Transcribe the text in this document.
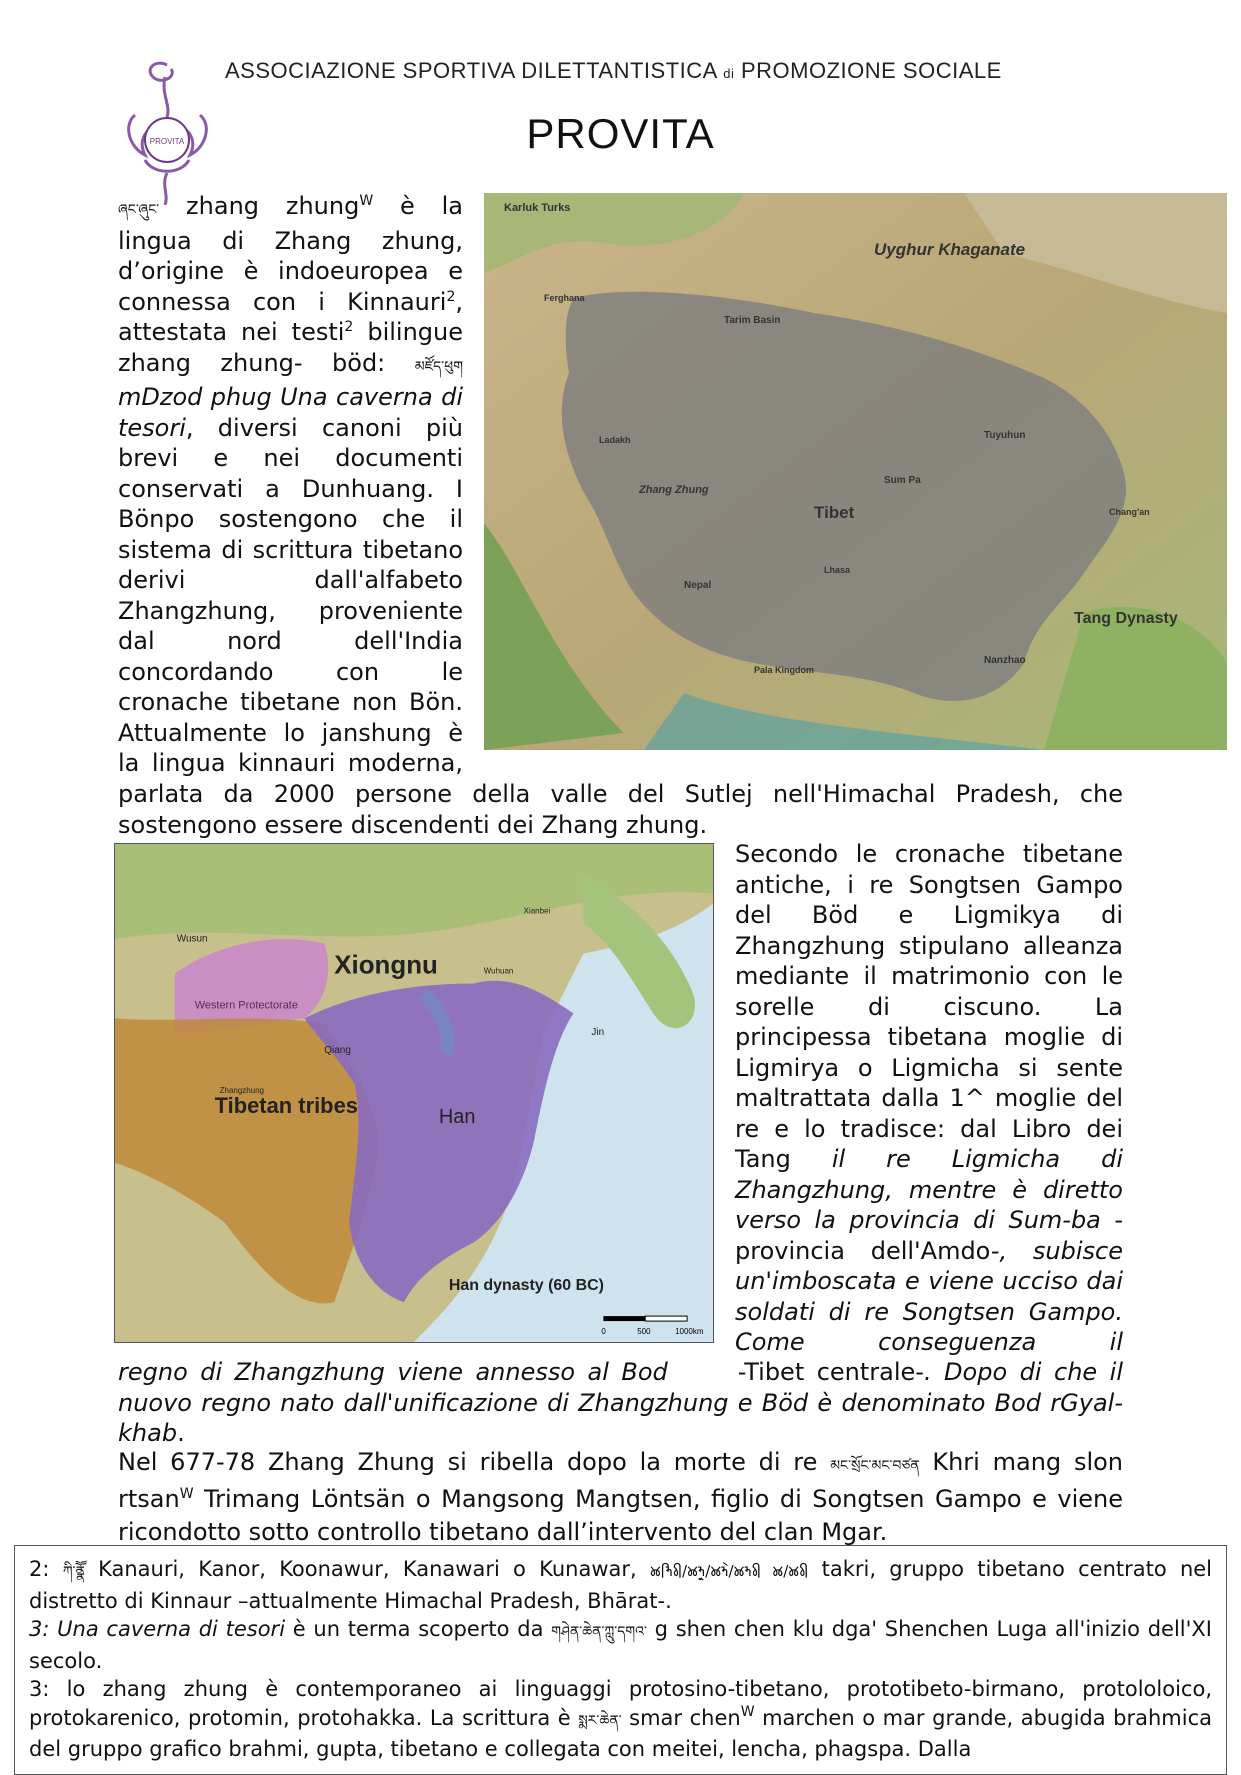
PROVITA
ASSOCIAZIONE SPORTIVA DILETTANTISTICA di PROMOZIONE SOCIALE
PROVITA
Karluk Turks
Uyghur Khaganate
Ferghana
Tarim Basin
Ladakh
Zhang Zhung
Tibet
Sum Pa
Tuyuhun
Lhasa
Nepal
Pala Kingdom
Nanzhao
Tang Dynasty
Chang'an
ཞང་ཞུང་ zhang zhung$^W$ è la lingua di Zhang zhung, d’origine è indoeuropea e connessa con i Kinnauri$^2$, attestata nei testi$^2$ bilingue zhang zhung- böd: མཛོད་ཕུག mDzod phug Una caverna di tesori, diversi canoni più brevi e nei documenti conservati a Dunhuang. I Bönpo sostengono che il sistema di scrittura tibetano derivi dall'alfabeto Zhangzhung, proveniente dal nord dell'India concordando con le cronache tibetane non Bön. Attualmente lo janshung è la lingua kinnauri moderna,
parlata da 2000 persone della valle del Sutlej nell'Himachal Pradesh, che sostengono essere discendenti dei Zhang zhung.
Xiongnu
Western Protectorate
Tibetan tribes	Han
Wusun
Qiang
Zhangzhung
Jin
Wuhuan
Xianbei
Han dynasty (60 BC)
0	500	1000km
Secondo le cronache tibetane antiche, i re Songtsen Gampo del Böd e Ligmikya di Zhangzhung stipulano alleanza mediante il matrimonio con le sorelle di ciscuno. La principessa tibetana moglie di Ligmirya o Ligmicha si sente maltrattata dalla 1^ moglie del re e lo tradisce: dal Libro dei Tang il re Ligmicha di Zhangzhung, mentre è diretto verso la provincia di Sum-ba -provincia dell'Amdo-, subisce un'imboscata e viene ucciso dai soldati di re Songtsen Gampo. Come conseguenza il
regno di Zhangzhung viene annesso al Bod	-Tibet centrale-. Dopo di che il nuovo regno nato dall'unificazione di Zhangzhung e Böd è denominato Bod rGyal-khab.
Nel 677-78 Zhang Zhung si ribella dopo la morte di re མང་སྲོང་མང་བཙན Khri mang slon rtsan$^W$ Trimang Löntsän o Mangsong Mangtsen, figlio di Songtsen Gampo e viene ricondotto sotto controllo tibetano dall’intervento del clan Mgar.

2: ཀི་ནྣཽ Kanauri, Kanor, Koonawur, Kanawari o Kunawar, 𑚊𑚝𑚮𑚤𑚯/𑚊𑚝𑚶𑚤/𑚊𑚝𑚶/𑚊𑚝𑚤𑚯 𑚊/𑚊𑚤𑚯 takri, gruppo tibetano centrato nel distretto di Kinnaur –attualmente Himachal Pradesh, Bhārat-.

3: Una caverna di tesori è un terma scoperto da གཤེན་ཆེན་ཀླུ་དགའ་ g shen chen klu dga' Shenchen Luga all'inizio dell'XI secolo.

3: lo zhang zhung è contemporaneo ai linguaggi protosino-tibetano, prototibeto-birmano, protololoico, protokarenico, protomin, protohakka. La scrittura è སྨར་ཆེན་ smar chen$^W$ marchen o mar grande, abugida brahmica del gruppo grafico brahmi, gupta, tibetano e collegata con meitei, lencha, phagspa. Dalla
